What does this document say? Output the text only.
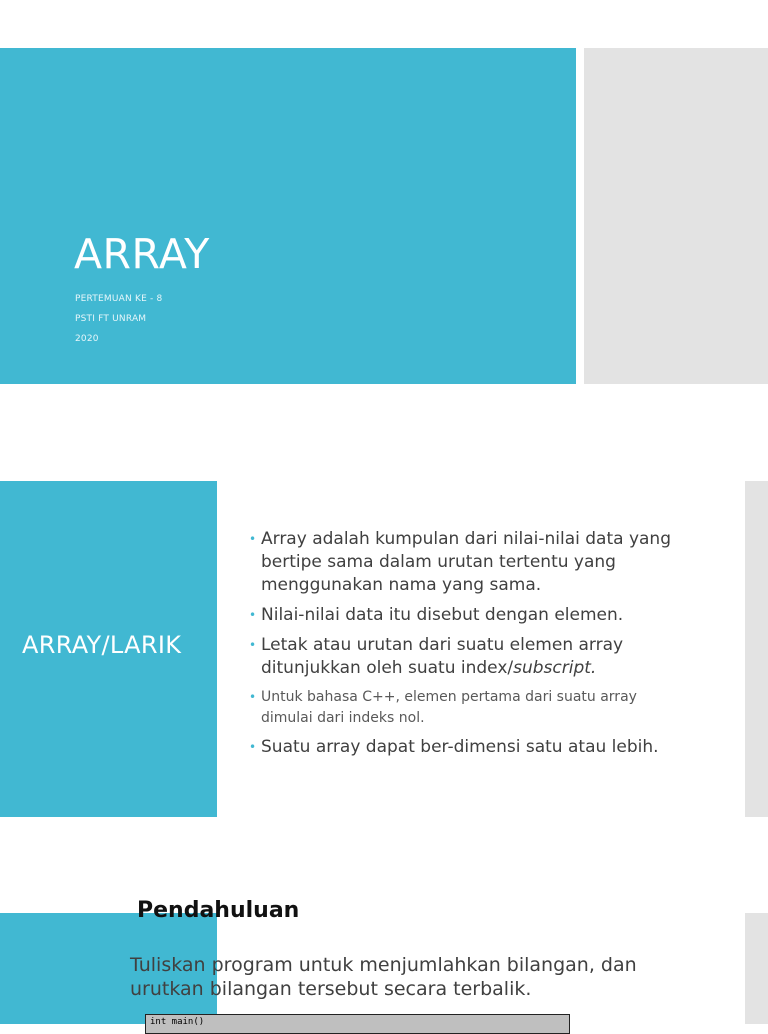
ARRAY
PERTEMUAN KE - 8
PSTI FT UNRAM
2020
ARRAY/LARIK
• Array adalah kumpulan dari nilai-nilai data yang bertipe sama dalam urutan tertentu yang menggunakan nama yang sama.
• Nilai-nilai data itu disebut dengan elemen.
• Letak atau urutan dari suatu elemen array ditunjukkan oleh suatu index/subscript.
• Untuk bahasa C++, elemen pertama dari suatu array dimulai dari indeks nol.
• Suatu array dapat ber-dimensi satu atau lebih.
Pendahuluan
Tuliskan program untuk menjumlahkan bilangan, dan urutkan bilangan tersebut secara terbalik.
int main()
